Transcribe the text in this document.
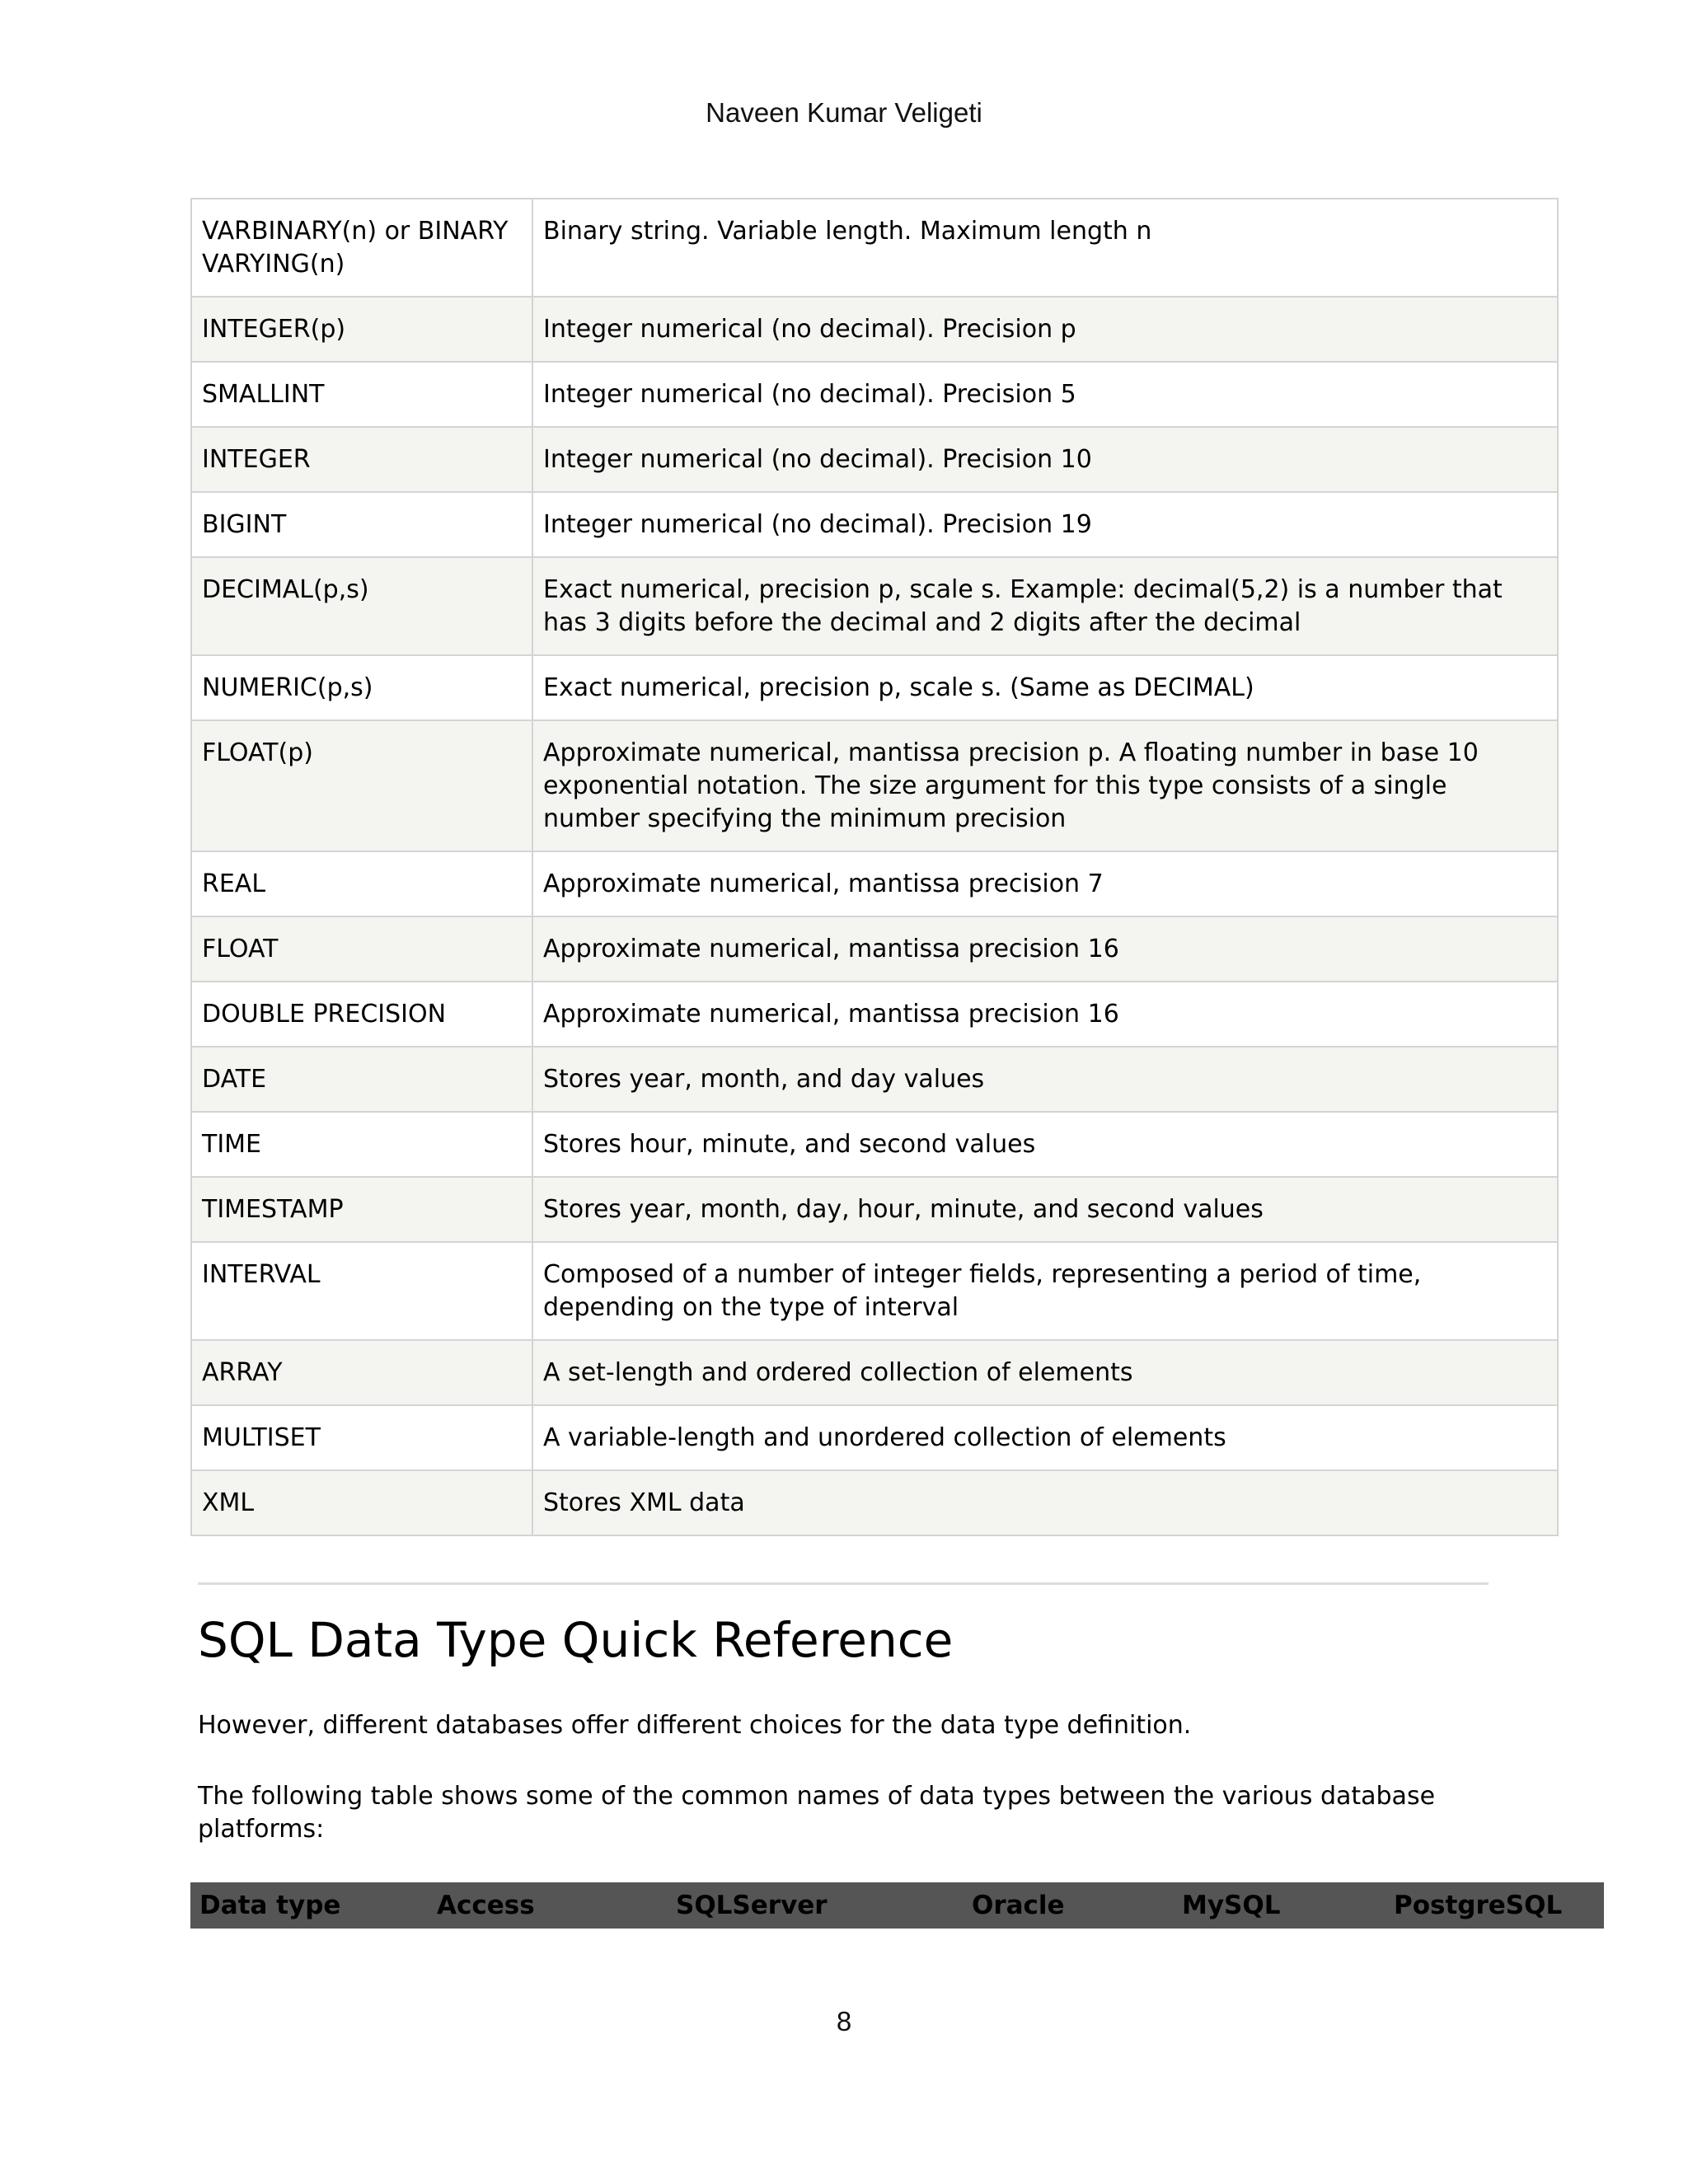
Naveen Kumar Veligeti
VARBINARY(n) or BINARY VARYING(n)	Binary string. Variable length. Maximum length n
INTEGER(p)	Integer numerical (no decimal). Precision p
SMALLINT	Integer numerical (no decimal). Precision 5
INTEGER	Integer numerical (no decimal). Precision 10
BIGINT	Integer numerical (no decimal). Precision 19
DECIMAL(p,s)	Exact numerical, precision p, scale s. Example: decimal(5,2) is a number that has 3 digits before the decimal and 2 digits after the decimal
NUMERIC(p,s)	Exact numerical, precision p, scale s. (Same as DECIMAL)
FLOAT(p)	Approximate numerical, mantissa precision p. A floating number in base 10 exponential notation. The size argument for this type consists of a single number specifying the minimum precision
REAL	Approximate numerical, mantissa precision 7
FLOAT	Approximate numerical, mantissa precision 16
DOUBLE PRECISION	Approximate numerical, mantissa precision 16
DATE	Stores year, month, and day values
TIME	Stores hour, minute, and second values
TIMESTAMP	Stores year, month, day, hour, minute, and second values
INTERVAL	Composed of a number of integer fields, representing a period of time, depending on the type of interval
ARRAY	A set-length and ordered collection of elements
MULTISET	A variable-length and unordered collection of elements
XML	Stores XML data
SQL Data Type Quick Reference

However, different databases offer different choices for the data type definition.

The following table shows some of the common names of data types between the various database platforms:

Data type	Access	SQLServer	Oracle	MySQL	PostgreSQL
8
